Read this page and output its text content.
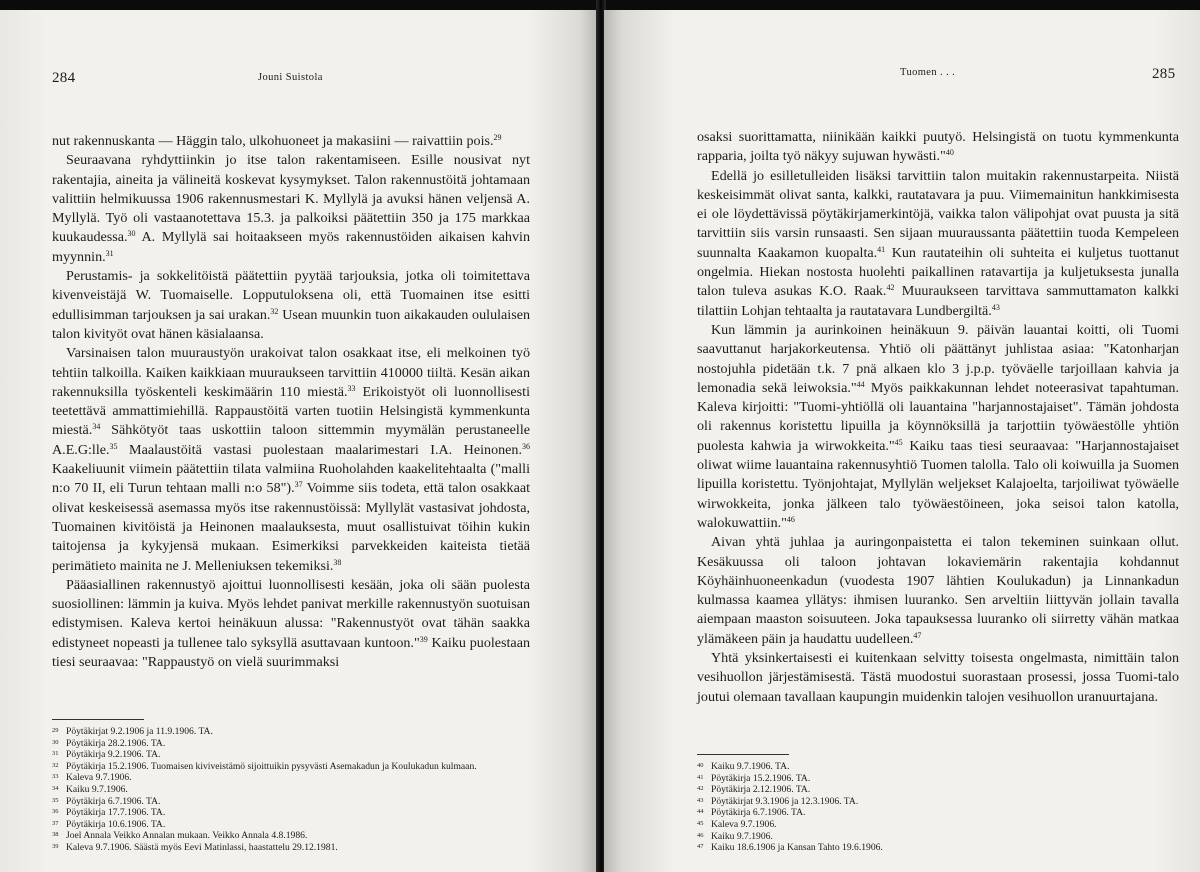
284	Jouni Suistola

nut rakennuskanta — Häggin talo, ulkohuoneet ja makasiini — raivattiin pois.$^{29}$

Seuraavana ryhdyttiinkin jo itse talon rakentamiseen. Esille nousivat nyt rakentajia, aineita ja välineitä koskevat kysymykset. Talon rakennustöitä johtamaan valittiin helmikuussa 1906 rakennusmestari K. Myllylä ja avuksi hänen veljensä A. Myllylä. Työ oli vastaanotettava 15.3. ja palkoiksi päätettiin 350 ja 175 markkaa kuukaudessa.$^{30}$ A. Myllylä sai hoitaakseen myös rakennustöiden aikaisen kahvin myynnin.$^{31}$

Perustamis- ja sokkelitöistä päätettiin pyytää tarjouksia, jotka oli toimitettava kivenveistäjä W. Tuomaiselle. Lopputuloksena oli, että Tuomainen itse esitti edullisimman tarjouksen ja sai urakan.$^{32}$ Usean muunkin tuon aikakauden oululaisen talon kivityöt ovat hänen käsialaansa.

Varsinaisen talon muuraustyön urakoivat talon osakkaat itse, eli melkoinen työ tehtiin talkoilla. Kaiken kaikkiaan muuraukseen tarvittiin 410000 tiiltä. Kesän aikan rakennuksilla työskenteli keskimäärin 110 miestä.$^{33}$ Erikoistyöt oli luonnollisesti teetettävä ammattimiehillä. Rappaustöitä varten tuotiin Helsingistä kymmenkunta miestä.$^{34}$ Sähkötyöt taas uskottiin taloon sittemmin myymälän perustaneelle A.E.G:lle.$^{35}$ Maalaustöitä vastasi puolestaan maalarimestari I.A. Heinonen.$^{36}$ Kaakeliuunit viimein päätettiin tilata valmiina Ruoholahden kaakelitehtaalta ("malli n:o 70 II, eli Turun tehtaan malli n:o 58").$^{37}$ Voimme siis todeta, että talon osakkaat olivat keskeisessä asemassa myös itse rakennustöissä: Myllylät vastasivat johdosta, Tuomainen kivitöistä ja Heinonen maalauksesta, muut osallistuivat töihin kukin taitojensa ja kykyjensä mukaan. Esimerkiksi parvekkeiden kaiteista tietää perimätieto mainita ne J. Melleniuksen tekemiksi.$^{38}$

Pääasiallinen rakennustyö ajoittui luonnollisesti kesään, joka oli sään puolesta suosiollinen: lämmin ja kuiva. Myös lehdet panivat merkille rakennustyön suotuisan edistymisen. Kaleva kertoi heinäkuun alussa: "Rakennustyöt ovat tähän saakka edistyneet nopeasti ja tullenee talo syksyllä asuttavaan kuntoon."$^{39}$ Kaiku puolestaan tiesi seuraavaa: "Rappaustyö on vielä suurimmaksi

29 Pöytäkirjat 9.2.1906 ja 11.9.1906. TA.
30 Pöytäkirja 28.2.1906. TA.
31 Pöytäkirja 9.2.1906. TA.
32 Pöytäkirja 15.2.1906. Tuomaisen kiviveistämö sijoittuikin pysyvästi Asemakadun ja Koulukadun kulmaan.
33 Kaleva 9.7.1906.
34 Kaiku 9.7.1906.
35 Pöytäkirja 6.7.1906. TA.
36 Pöytäkirja 17.7.1906. TA.
37 Pöytäkirja 10.6.1906. TA.
38 Joel Annala Veikko Annalan mukaan. Veikko Annala 4.8.1986.
39 Kaleva 9.7.1906. Säästä myös Eevi Matinlassi, haastattelu 29.12.1981.
Tuomen . . .	285

osaksi suorittamatta, niinikään kaikki puutyö. Helsingistä on tuotu kymmenkunta rapparia, joilta työ näkyy sujuwan hywästi."$^{40}$

Edellä jo esilletulleiden lisäksi tarvittiin talon muitakin rakennustarpeita. Niistä keskeisimmät olivat santa, kalkki, rautatavara ja puu. Viimemainitun hankkimisesta ei ole löydettävissä pöytäkirjamerkintöjä, vaikka talon välipohjat ovat puusta ja sitä tarvittiin siis varsin runsaasti. Sen sijaan muuraussanta päätettiin tuoda Kempeleen suunnalta Kaakamon kuopalta.$^{41}$ Kun rautateihin oli suhteita ei kuljetus tuottanut ongelmia. Hiekan nostosta huolehti paikallinen ratavartija ja kuljetuksesta junalla talon tuleva asukas K.O. Raak.$^{42}$ Muuraukseen tarvittava sammuttamaton kalkki tilattiin Lohjan tehtaalta ja rautatavara Lundbergiltä.$^{43}$

Kun lämmin ja aurinkoinen heinäkuun 9. päivän lauantai koitti, oli Tuomi saavuttanut harjakorkeutensa. Yhtiö oli päättänyt juhlistaa asiaa: "Katonharjan nostojuhla pidetään t.k. 7 pnä alkaen klo 3 j.p.p. työväelle tarjoillaan kahvia ja lemonadia sekä leiwoksia."$^{44}$ Myös paikkakunnan lehdet noteerasivat tapahtuman. Kaleva kirjoitti: "Tuomi-yhtiöllä oli lauantaina "harjannostajaiset". Tämän johdosta oli rakennus koristettu lipuilla ja köynnöksillä ja tarjottiin työwäestölle yhtiön puolesta kahwia ja wirwokkeita."$^{45}$ Kaiku taas tiesi seuraavaa: "Harjannostajaiset oliwat wiime lauantaina rakennusyhtiö Tuomen talolla. Talo oli koiwuilla ja Suomen lipuilla koristettu. Työnjohtajat, Myllylän weljekset Kalajoelta, tarjoiliwat työwäelle wirwokkeita, jonka jälkeen talo työwäestöineen, joka seisoi talon katolla, walokuwattiin."$^{46}$

Aivan yhtä juhlaa ja auringonpaistetta ei talon tekeminen suinkaan ollut. Kesäkuussa oli taloon johtavan lokaviemärin rakentajia kohdannut Köyhäinhuoneenkadun (vuodesta 1907 lähtien Koulukadun) ja Linnankadun kulmassa kaamea yllätys: ihmisen luuranko. Sen arveltiin liittyvän jollain tavalla aiempaan maaston soisuuteen. Joka tapauksessa luuranko oli siirretty vähän matkaa ylämäkeen päin ja haudattu uudelleen.$^{47}$

Yhtä yksinkertaisesti ei kuitenkaan selvitty toisesta ongelmasta, nimittäin talon vesihuollon järjestämisestä. Tästä muodostui suorastaan prosessi, jossa Tuomi-talo joutui olemaan tavallaan kaupungin muidenkin talojen vesihuollon uranuurtajana.

40 Kaiku 9.7.1906. TA.
41 Pöytäkirja 15.2.1906. TA.
42 Pöytäkirja 2.12.1906. TA.
43 Pöytäkirjat 9.3.1906 ja 12.3.1906. TA.
44 Pöytäkirja 6.7.1906. TA.
45 Kaleva 9.7.1906.
46 Kaiku 9.7.1906.
47 Kaiku 18.6.1906 ja Kansan Tahto 19.6.1906.
